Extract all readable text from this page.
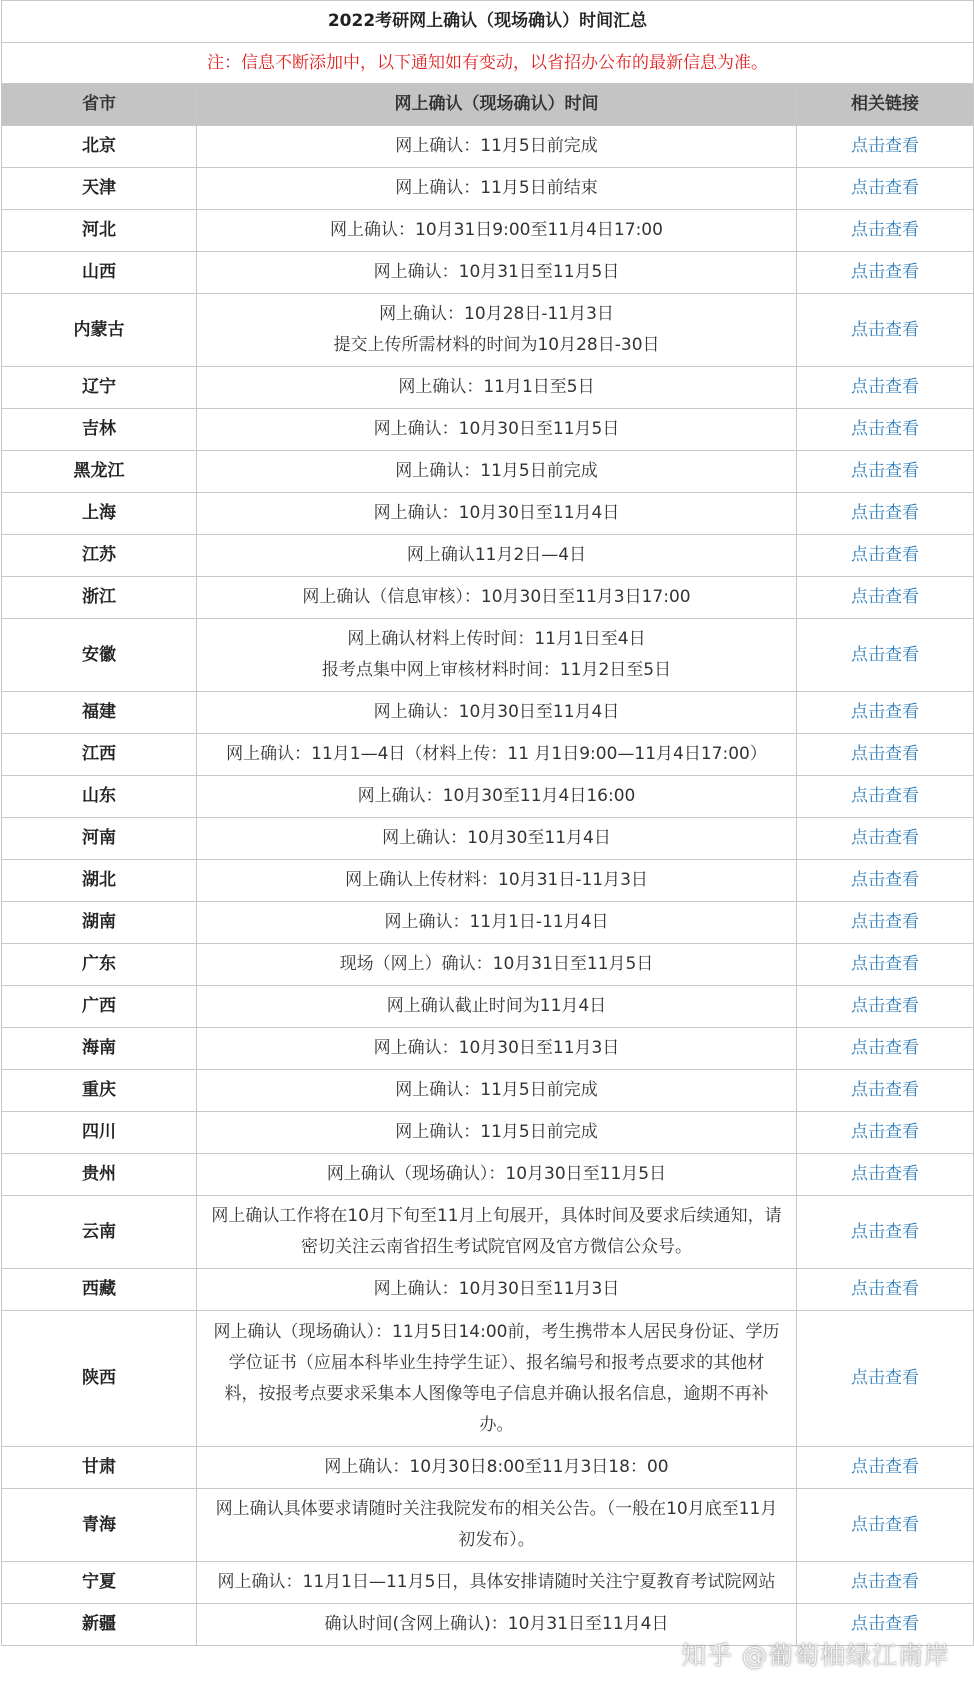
2022考研网上确认（现场确认）时间汇总		
注：信息不断添加中，以下通知如有变动，以省招办公布的最新信息为准。		
省市	网上确认（现场确认）时间	相关链接
北京	网上确认：11月5日前完成	点击查看
天津	网上确认：11月5日前结束	点击查看
河北	网上确认：10月31日9:00至11月4日17:00	点击查看
山西	网上确认：10月31日至11月5日	点击查看
内蒙古	网上确认：10月28日-11月3日
提交上传所需材料的时间为10月28日-30日	点击查看
辽宁	网上确认：11月1日至5日	点击查看
吉林	网上确认：10月30日至11月5日	点击查看
黑龙江	网上确认：11月5日前完成	点击查看
上海	网上确认：10月30日至11月4日	点击查看
江苏	网上确认11月2日—4日	点击查看
浙江	网上确认（信息审核）：10月30日至11月3日17:00	点击查看
安徽	网上确认材料上传时间：11月1日至4日
报考点集中网上审核材料时间：11月2日至5日	点击查看
福建	网上确认：10月30日至11月4日	点击查看
江西	网上确认：11月1—4日（材料上传：11 月1日9:00—11月4日17:00）	点击查看
山东	网上确认：10月30至11月4日16:00	点击查看
河南	网上确认：10月30至11月4日	点击查看
湖北	网上确认上传材料：10月31日-11月3日	点击查看
湖南	网上确认：11月1日-11月4日	点击查看
广东	现场（网上）确认：10月31日至11月5日	点击查看
广西	网上确认截止时间为11月4日	点击查看
海南	网上确认：10月30日至11月3日	点击查看
重庆	网上确认：11月5日前完成	点击查看
四川	网上确认：11月5日前完成	点击查看
贵州	网上确认（现场确认）：10月30日至11月5日	点击查看
云南	网上确认工作将在10月下旬至11月上旬展开，具体时间及要求后续通知，请
密切关注云南省招生考试院官网及官方微信公众号。	点击查看
西藏	网上确认：10月30日至11月3日	点击查看
陕西	网上确认（现场确认）：11月5日14:00前，考生携带本人居民身份证、学历
学位证书（应届本科毕业生持学生证）、报名编号和报考点要求的其他材
料，按报考点要求采集本人图像等电子信息并确认报名信息，逾期不再补
办。	点击查看
甘肃	网上确认：10月30日8:00至11月3日18：00	点击查看
青海	网上确认具体要求请随时关注我院发布的相关公告。（一般在10月底至11月
初发布）。	点击查看
宁夏	网上确认：11月1日—11月5日，具体安排请随时关注宁夏教育考试院网站	点击查看
新疆	确认时间(含网上确认)：10月31日至11月4日	点击查看
知乎 @葡萄柚绿江南岸
